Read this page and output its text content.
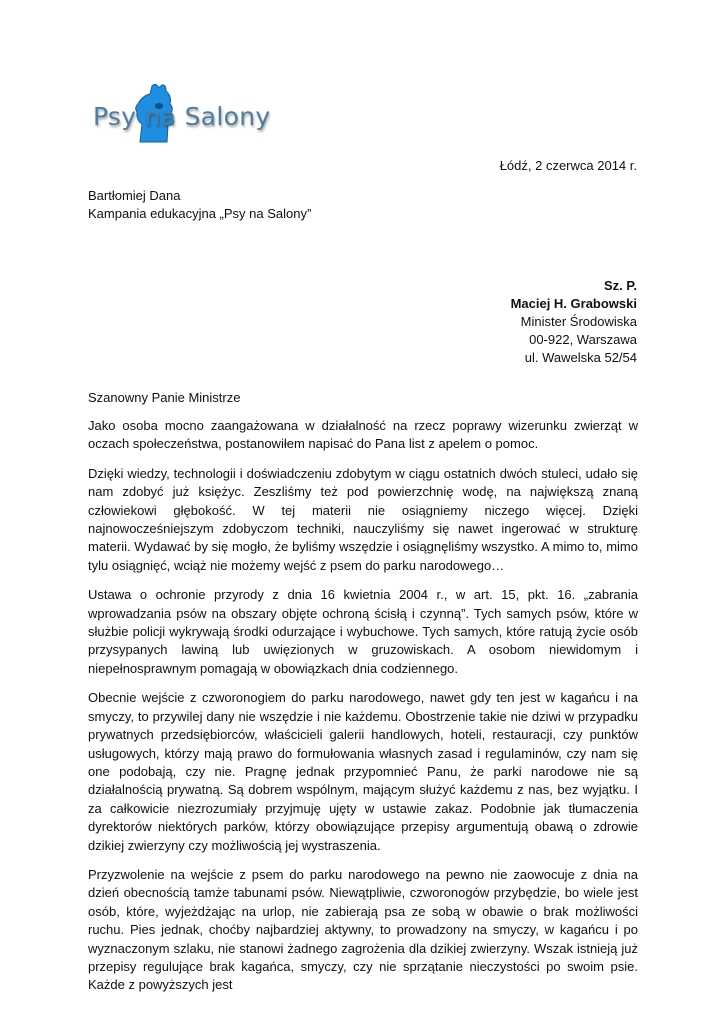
Psy na Salony
Łódź, 2 czerwca 2014 r.
Bartłomiej Dana
Kampania edukacyjna „Psy na Salony”
Sz. P.
Maciej H. Grabowski
Minister Środowiska
00-922, Warszawa
ul. Wawelska 52/54
Szanowny Panie Ministrze

Jako osoba mocno zaangażowana w działalność na rzecz poprawy wizerunku zwierząt w oczach społeczeństwa, postanowiłem napisać do Pana list z apelem o pomoc.

Dzięki wiedzy, technologii i doświadczeniu zdobytym w ciągu ostatnich dwóch stuleci, udało się nam zdobyć już księżyc. Zeszliśmy też pod powierzchnię wodę, na największą znaną człowiekowi głębokość. W tej materii nie osiągniemy niczego więcej. Dzięki najnowocześniejszym zdobyczom techniki, nauczyliśmy się nawet ingerować w strukturę materii. Wydawać by się mogło, że byliśmy wszędzie i osiągnęliśmy wszystko. A mimo to, mimo tylu osiągnięć, wciąż nie możemy wejść z psem do parku narodowego…

Ustawa o ochronie przyrody z dnia 16 kwietnia 2004 r., w art. 15, pkt. 16. „zabrania wprowadzania psów na obszary objęte ochroną ścisłą i czynną”. Tych samych psów, które w służbie policji wykrywają środki odurzające i wybuchowe. Tych samych, które ratują życie osób przysypanych lawiną lub uwięzionych w gruzowiskach. A osobom niewidomym i niepełnosprawnym pomagają w obowiązkach dnia codziennego.

Obecnie wejście z czworonogiem do parku narodowego, nawet gdy ten jest w kagańcu i na smyczy, to przywilej dany nie wszędzie i nie każdemu. Obostrzenie takie nie dziwi w przypadku prywatnych przedsiębiorców, właścicieli galerii handlowych, hoteli, restauracji, czy punktów usługowych, którzy mają prawo do formułowania własnych zasad i regulaminów, czy nam się one podobają, czy nie. Pragnę jednak przypomnieć Panu, że parki narodowe nie są działalnością prywatną. Są dobrem wspólnym, mającym służyć każdemu z nas, bez wyjątku. I za całkowicie niezrozumiały przyjmuję ujęty w ustawie zakaz. Podobnie jak tłumaczenia dyrektorów niektórych parków, którzy obowiązujące przepisy argumentują obawą o zdrowie dzikiej zwierzyny czy możliwością jej wystraszenia.

Przyzwolenie na wejście z psem do parku narodowego na pewno nie zaowocuje z dnia na dzień obecnością tamże tabunami psów. Niewątpliwie, czworonogów przybędzie, bo wiele jest osób, które, wyjeżdżając na urlop, nie zabierają psa ze sobą w obawie o brak możliwości ruchu. Pies jednak, choćby najbardziej aktywny, to prowadzony na smyczy, w kagańcu i po wyznaczonym szlaku, nie stanowi żadnego zagrożenia dla dzikiej zwierzyny. Wszak istnieją już przepisy regulujące brak kagańca, smyczy, czy nie sprzątanie nieczystości po swoim psie. Każde z powyższych jest
